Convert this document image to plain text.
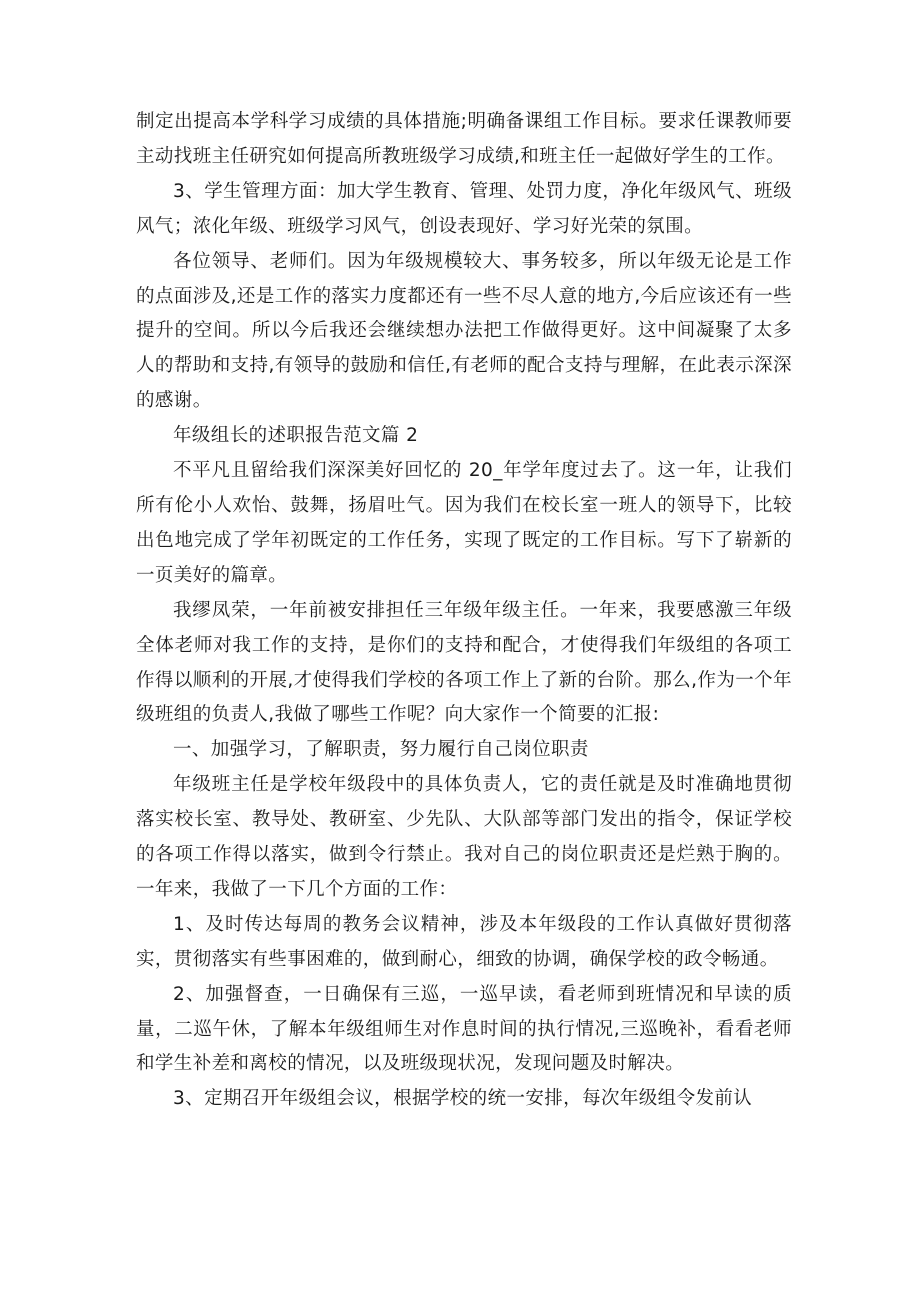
制定出提高本学科学习成绩的具体措施;明确备课组工作目标。要求任课教师要主动找班主任研究如何提高所教班级学习成绩,和班主任一起做好学生的工作。

3、学生管理方面：加大学生教育、管理、处罚力度，净化年级风气、班级风气；浓化年级、班级学习风气，创设表现好、学习好光荣的氛围。

各位领导、老师们。因为年级规模较大、事务较多，所以年级无论是工作的点面涉及,还是工作的落实力度都还有一些不尽人意的地方,今后应该还有一些提升的空间。所以今后我还会继续想办法把工作做得更好。这中间凝聚了太多人的帮助和支持,有领导的鼓励和信任,有老师的配合支持与理解，在此表示深深的感谢。

年级组长的述职报告范文篇 2

不平凡且留给我们深深美好回忆的 20_年学年度过去了。这一年，让我们所有伦小人欢怡、鼓舞，扬眉吐气。因为我们在校长室一班人的领导下，比较出色地完成了学年初既定的工作任务，实现了既定的工作目标。写下了崭新的一页美好的篇章。

我缪凤荣，一年前被安排担任三年级年级主任。一年来，我要感激三年级全体老师对我工作的支持，是你们的支持和配合，才使得我们年级组的各项工作得以顺利的开展,才使得我们学校的各项工作上了新的台阶。那么,作为一个年级班组的负责人,我做了哪些工作呢？向大家作一个简要的汇报:

一、加强学习，了解职责，努力履行自己岗位职责

年级班主任是学校年级段中的具体负责人，它的责任就是及时准确地贯彻落实校长室、教导处、教研室、少先队、大队部等部门发出的指令，保证学校的各项工作得以落实，做到令行禁止。我对自己的岗位职责还是烂熟于胸的。一年来，我做了一下几个方面的工作：

1、及时传达每周的教务会议精神，涉及本年级段的工作认真做好贯彻落实，贯彻落实有些事困难的，做到耐心，细致的协调，确保学校的政令畅通。

2、加强督查，一日确保有三巡，一巡早读，看老师到班情况和早读的质量，二巡午休，了解本年级组师生对作息时间的执行情况,三巡晚补，看看老师和学生补差和离校的情况，以及班级现状况，发现问题及时解决。

3、定期召开年级组会议，根据学校的统一安排，每次年级组令发前认
